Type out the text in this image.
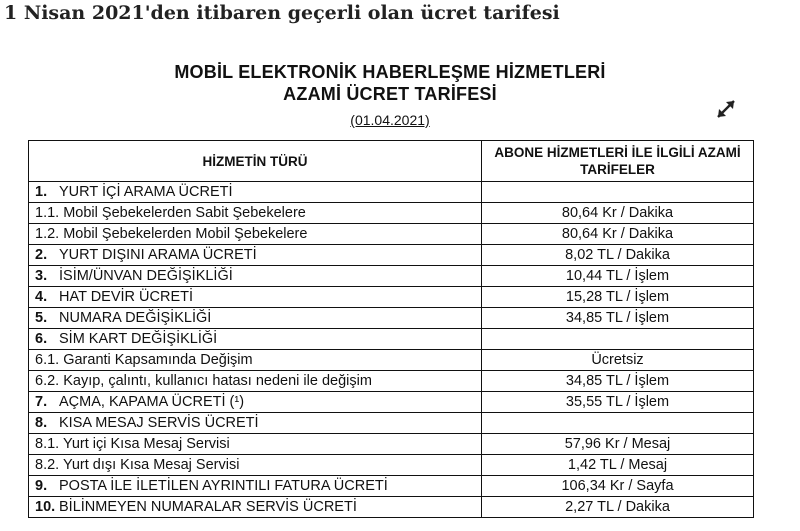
1 Nisan 2021'den itibaren geçerli olan ücret tarifesi
MOBİL ELEKTRONİK HABERLEŞME HİZMETLERİ
AZAMİ ÜCRET TARİFESİ
(01.04.2021)
HİZMETİN TÜRÜ	ABONE HİZMETLERİ İLE İLGİLİ AZAMİ TARİFELER
1. YURT İÇİ ARAMA ÜCRETİ	
1.1. Mobil Şebekelerden Sabit Şebekelere	80,64 Kr / Dakika
1.2. Mobil Şebekelerden Mobil Şebekelere	80,64 Kr / Dakika
2. YURT DIŞINI ARAMA ÜCRETİ	8,02 TL / Dakika
3. İSİM/ÜNVAN DEĞİŞİKLİĞİ	10,44 TL / İşlem
4. HAT DEVİR ÜCRETİ	15,28 TL / İşlem
5. NUMARA DEĞİŞİKLİĞİ	34,85 TL / İşlem
6. SİM KART DEĞİŞİKLİĞİ	
6.1. Garanti Kapsamında Değişim	Ücretsiz
6.2. Kayıp, çalıntı, kullanıcı hatası nedeni ile değişim	34,85 TL / İşlem
7. AÇMA, KAPAMA ÜCRETİ (¹)	35,55 TL / İşlem
8. KISA MESAJ SERVİS ÜCRETİ	
8.1. Yurt içi Kısa Mesaj Servisi	57,96 Kr / Mesaj
8.2. Yurt dışı Kısa Mesaj Servisi	1,42 TL / Mesaj
9. POSTA İLE İLETİLEN AYRINTILI FATURA ÜCRETİ	106,34 Kr / Sayfa
10. BİLİNMEYEN NUMARALAR SERVİS ÜCRETİ	2,27 TL / Dakika
